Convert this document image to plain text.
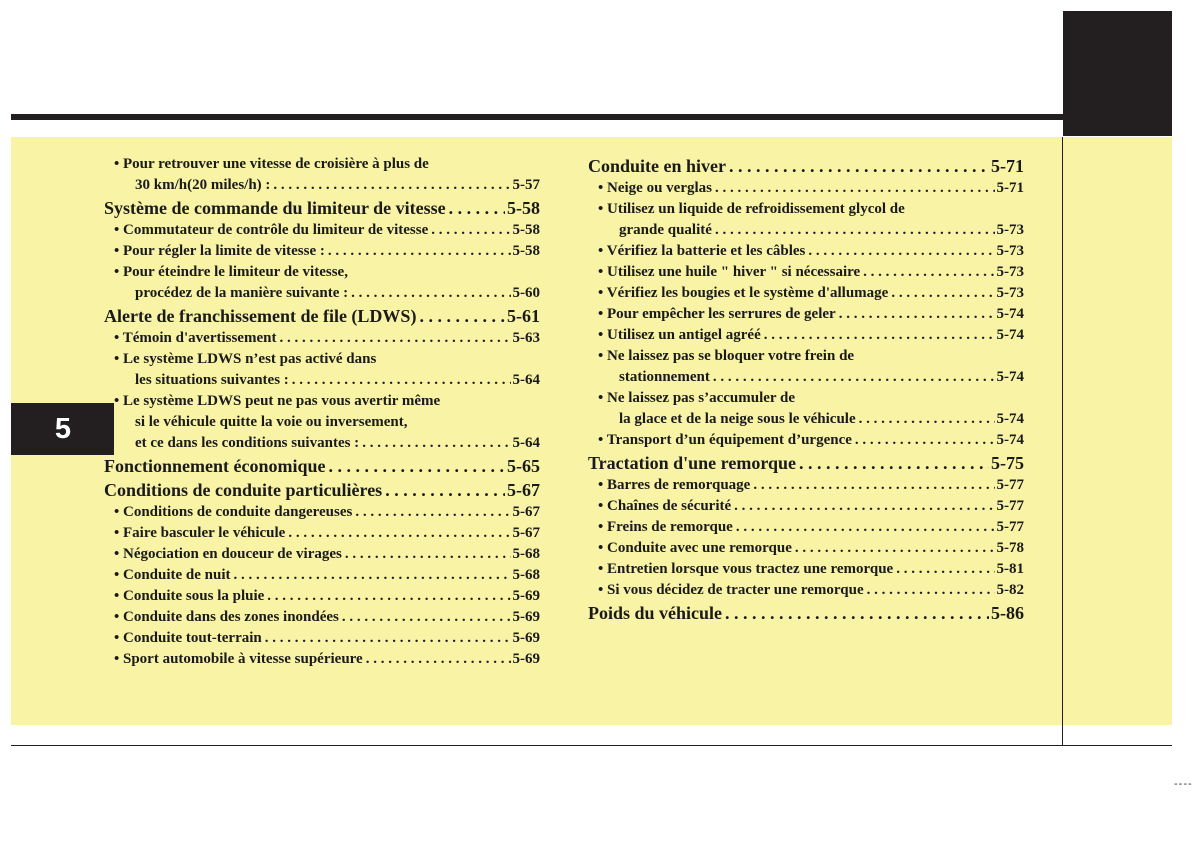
5
----
• Pour retrouver une vitesse de croisière à plus de
30 km/h(20 miles/h) : . . .	5-57
Système de commande du limiteur de vitesse . . .	5-58
• Commutateur de contrôle du limiteur de vitesse . . .	5-58
• Pour régler la limite de vitesse : . . .	5-58
• Pour éteindre le limiteur de vitesse,
procédez de la manière suivante : . . .	5-60
Alerte de franchissement de file (LDWS) . . .	5-61
• Témoin d'avertissement . . .	5-63
• Le système LDWS n’est pas activé dans
les situations suivantes : . . .	5-64
• Le système LDWS peut ne pas vous avertir même
si le véhicule quitte la voie ou inversement,
et ce dans les conditions suivantes : . . .	5-64
Fonctionnement économique . . .	5-65
Conditions de conduite particulières . . .	5-67
• Conditions de conduite dangereuses . . .	5-67
• Faire basculer le véhicule . . .	5-67
• Négociation en douceur de virages . . .	5-68
• Conduite de nuit . . .	5-68
• Conduite sous la pluie . . .	5-69
• Conduite dans des zones inondées . . .	5-69
• Conduite tout-terrain . . .	5-69
• Sport automobile à vitesse supérieure . . .	5-69
Conduite en hiver . . .	5-71
• Neige ou verglas . . .	5-71
• Utilisez un liquide de refroidissement glycol de
grande qualité . . .	5-73
• Vérifiez la batterie et les câbles . . .	5-73
• Utilisez une huile " hiver " si nécessaire . . .	5-73
• Vérifiez les bougies et le système d'allumage . . .	5-73
• Pour empêcher les serrures de geler . . .	5-74
• Utilisez un antigel agréé . . .	5-74
• Ne laissez pas se bloquer votre frein de
stationnement . . .	5-74
• Ne laissez pas s’accumuler de
la glace et de la neige sous le véhicule . . .	5-74
• Transport d’un équipement d’urgence . . .	5-74
Tractation d'une remorque . . .	5-75
• Barres de remorquage . . .	5-77
• Chaînes de sécurité . . .	5-77
• Freins de remorque . . .	5-77
• Conduite avec une remorque . . .	5-78
• Entretien lorsque vous tractez une remorque . . .	5-81
• Si vous décidez de tracter une remorque . . .	5-82
Poids du véhicule . . .	5-86
